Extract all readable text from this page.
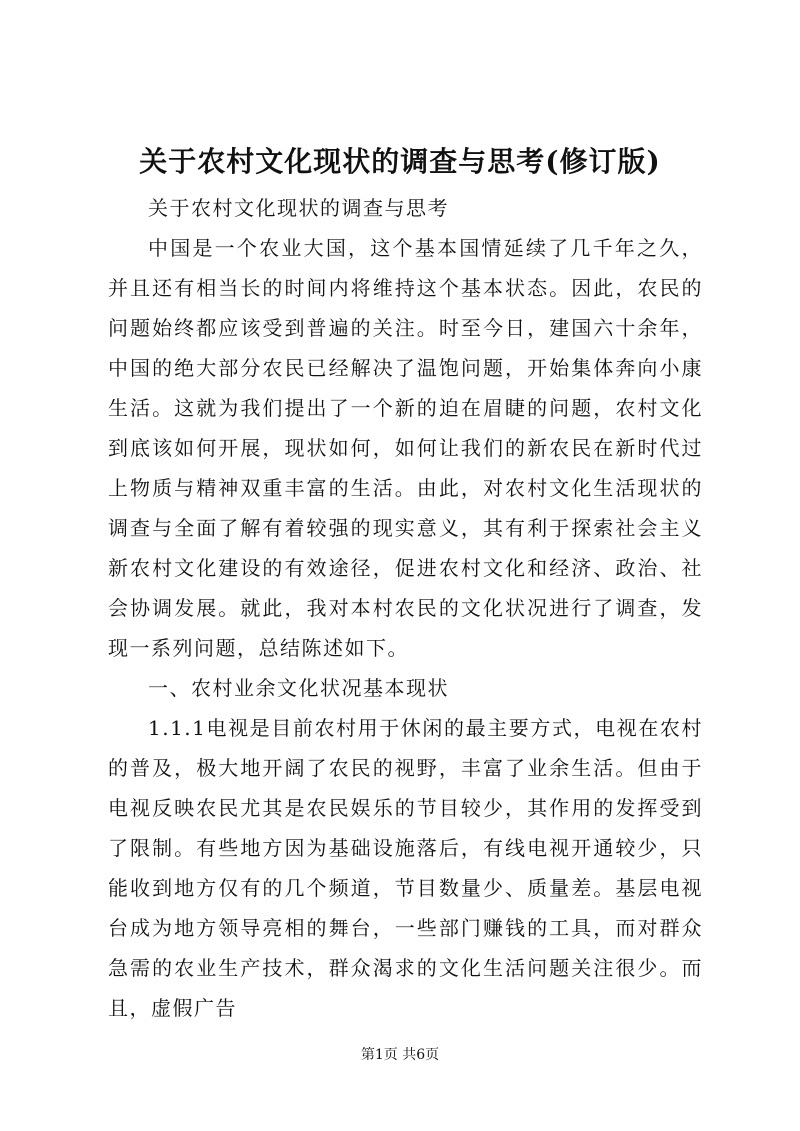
关于农村文化现状的调查与思考(修订版)

关于农村文化现状的调查与思考

中国是一个农业大国，这个基本国情延续了几千年之久，并且还有相当长的时间内将维持这个基本状态。因此，农民的问题始终都应该受到普遍的关注。时至今日，建国六十余年，中国的绝大部分农民已经解决了温饱问题，开始集体奔向小康生活。这就为我们提出了一个新的迫在眉睫的问题，农村文化到底该如何开展，现状如何，如何让我们的新农民在新时代过上物质与精神双重丰富的生活。由此，对农村文化生活现状的调查与全面了解有着较强的现实意义，其有利于探索社会主义新农村文化建设的有效途径，促进农村文化和经济、政治、社会协调发展。就此，我对本村农民的文化状况进行了调查，发现一系列问题，总结陈述如下。

一、农村业余文化状况基本现状

1.1.1电视是目前农村用于休闲的最主要方式，电视在农村的普及，极大地开阔了农民的视野，丰富了业余生活。但由于电视反映农民尤其是农民娱乐的节目较少，其作用的发挥受到了限制。有些地方因为基础设施落后，有线电视开通较少，只能收到地方仅有的几个频道，节目数量少、质量差。基层电视台成为地方领导亮相的舞台，一些部门赚钱的工具，而对群众急需的农业生产技术，群众渴求的文化生活问题关注很少。而且，虚假广告

第1页 共6页
